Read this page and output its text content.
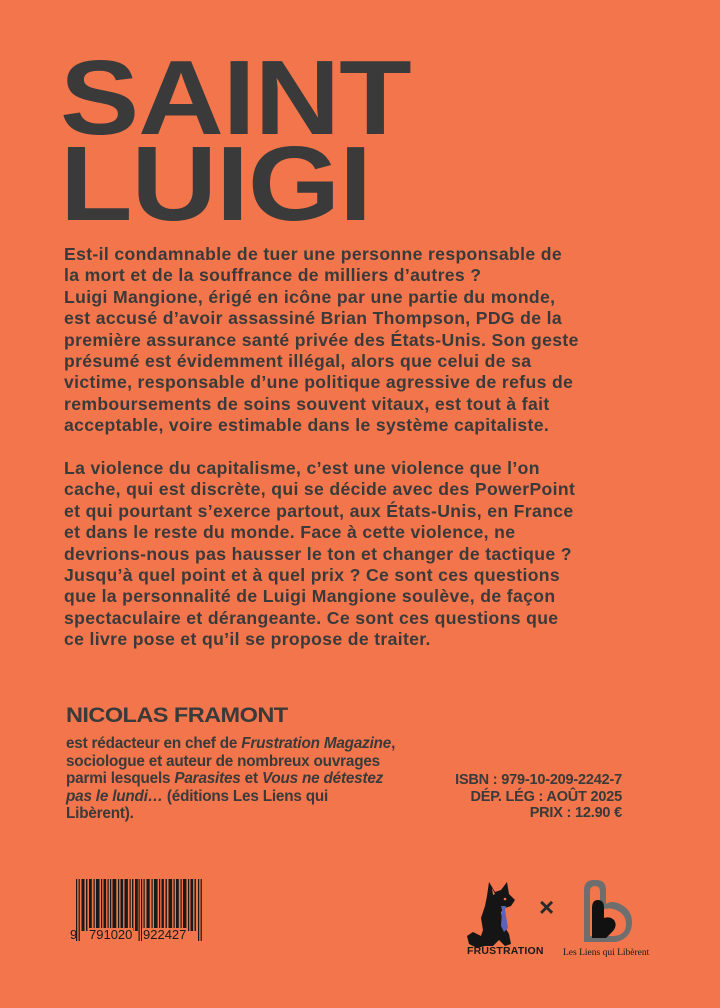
SAINT
LUIGI

Est-il condamnable de tuer une personne responsable de
la mort et de la souffrance de milliers d’autres ?
Luigi Mangione, érigé en icône par une partie du monde,
est accusé d’avoir assassiné Brian Thompson, PDG de la
première assurance santé privée des États-Unis. Son geste
présumé est évidemment illégal, alors que celui de sa
victime, responsable d’une politique agressive de refus de
remboursements de soins souvent vitaux, est tout à fait
acceptable, voire estimable dans le système capitaliste.

La violence du capitalisme, c’est une violence que l’on
cache, qui est discrète, qui se décide avec des PowerPoint
et qui pourtant s’exerce partout, aux États-Unis, en France
et dans le reste du monde. Face à cette violence, ne
devrions-nous pas hausser le ton et changer de tactique ?
Jusqu’à quel point et à quel prix ? Ce sont ces questions
que la personnalité de Luigi Mangione soulève, de façon
spectaculaire et dérangeante. Ce sont ces questions que
ce livre pose et qu’il se propose de traiter.

NICOLAS FRAMONT
est rédacteur en chef de Frustration Magazine, sociologue et auteur de nombreux ouvrages parmi lesquels Parasites et Vous ne détestez pas le lundi… (éditions Les Liens qui Libèrent).
ISBN : 979-10-209-2242-7
DÉP. LÉG : AOÛT 2025
PRIX : 12.90 €
9 791020 922427
FRUSTRATION
×
Les Liens qui Libèrent
